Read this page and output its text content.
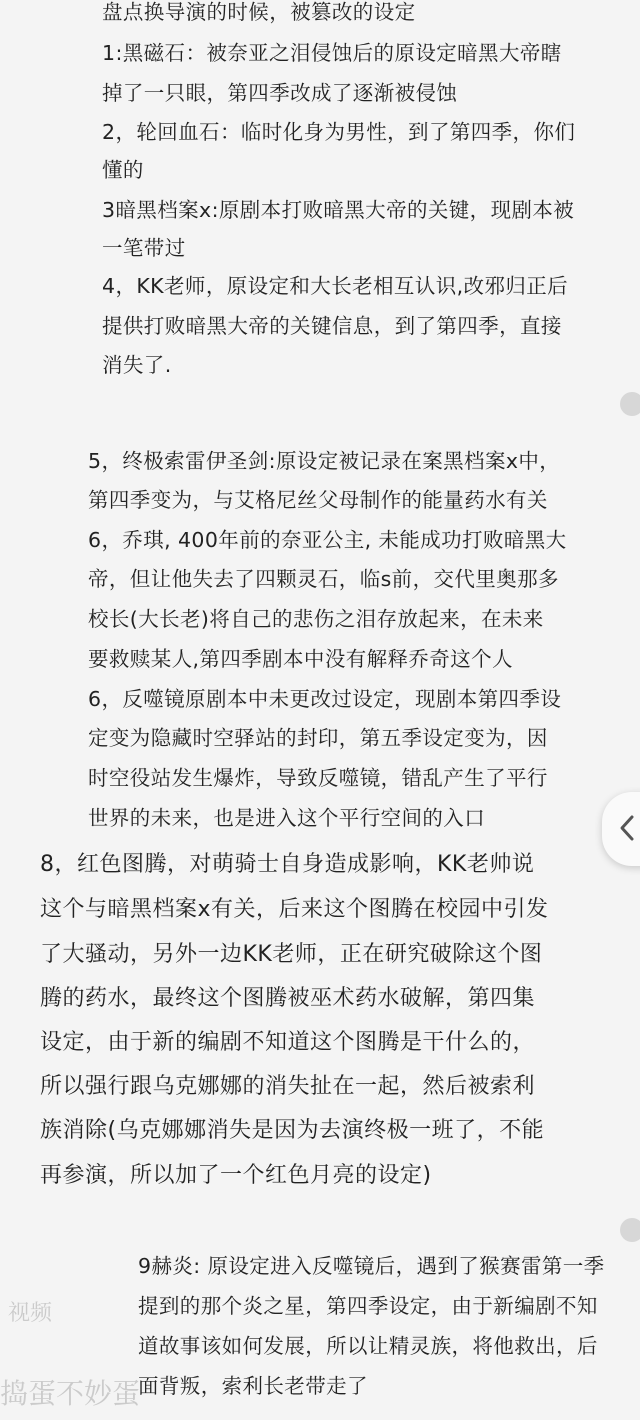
盘点换导演的时候，被篡改的设定
1:黑磁石：被奈亚之泪侵蚀后的原设定暗黑大帝瞎
掉了一只眼，第四季改成了逐渐被侵蚀
2，轮回血石：临时化身为男性，到了第四季，你们
懂的
3暗黑档案x:原剧本打败暗黑大帝的关键，现剧本被
一笔带过
4，KK老师，原设定和大长老相互认识,改邪归正后
提供打败暗黑大帝的关键信息，到了第四季，直接
消失了.
5，终极索雷伊圣剑:原设定被记录在案黑档案x中，
第四季变为，与艾格尼丝父母制作的能量药水有关
6，乔琪, 400年前的奈亚公主, 未能成功打败暗黑大
帝，但让他失去了四颗灵石，临s前，交代里奥那多
校长(大长老)将自己的悲伤之泪存放起来，在未来
要救赎某人,第四季剧本中没有解释乔奇这个人
6，反噬镜原剧本中未更改过设定，现剧本第四季设
定变为隐藏时空驿站的封印，第五季设定变为，因
时空役站发生爆炸，导致反噬镜，错乱产生了平行
世界的未来，也是进入这个平行空间的入口
8，红色图腾，对萌骑士自身造成影响，KK老帅说
这个与暗黑档案x有关，后来这个图腾在校园中引发
了大骚动，另外一边KK老师，正在研究破除这个图
腾的药水，最终这个图腾被巫术药水破解，第四集
设定，由于新的编剧不知道这个图腾是干什么的，
所以强行跟乌克娜娜的消失扯在一起，然后被索利
族消除(乌克娜娜消失是因为去演终极一班了，不能
再参演，所以加了一个红色月亮的设定)
9赫炎: 原设定进入反噬镜后，遇到了猴赛雷第一季
提到的那个炎之星，第四季设定，由于新编剧不知
道故事该如何发展，所以让精灵族，将他救出，后
面背叛，索利长老带走了
视频
捣蛋不妙蛋
